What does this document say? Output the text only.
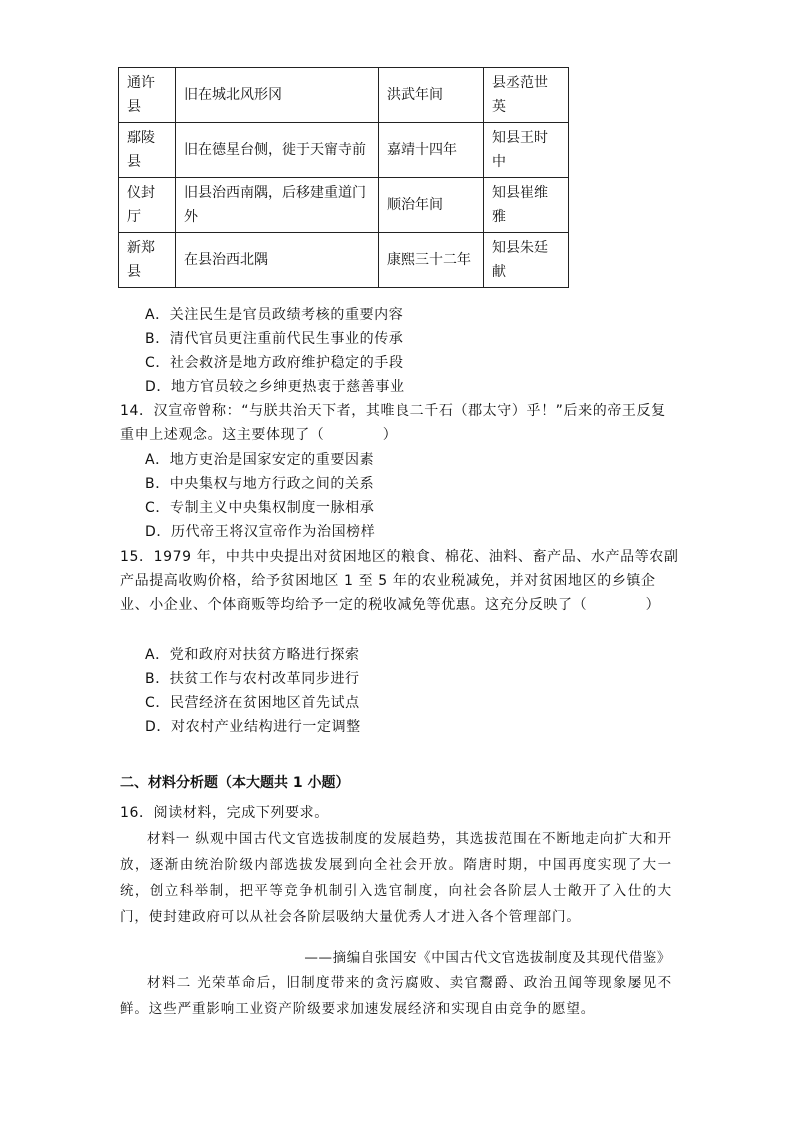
通许县	旧在城北风形冈	洪武年间	县丞范世英
鄢陵县	旧在德星台侧，徙于天甯寺前	嘉靖十四年	知县王时中
仪封厅	旧县治西南隅，后移建重道门外	顺治年间	知县崔维雅
新郑县	在县治西北隅	康熙三十二年	知县朱廷献
A．关注民生是官员政绩考核的重要内容
B．清代官员更注重前代民生事业的传承
C．社会救济是地方政府维护稳定的手段
D．地方官员较之乡绅更热衷于慈善事业
14．汉宣帝曾称：“与朕共治天下者，其唯良二千石（郡太守）乎！”后来的帝王反复重申上述观念。这主要体现了（　　　　）
A．地方吏治是国家安定的重要因素
B．中央集权与地方行政之间的关系
C．专制主义中央集权制度一脉相承
D．历代帝王将汉宣帝作为治国榜样
15．1979 年，中共中央提出对贫困地区的粮食、棉花、油料、畜产品、水产品等农副产品提高收购价格，给予贫困地区 1 至 5 年的农业税减免，并对贫困地区的乡镇企业、小企业、个体商贩等均给予一定的税收减免等优惠。这充分反映了（　　　　）
A．党和政府对扶贫方略进行探索
B．扶贫工作与农村改革同步进行
C．民营经济在贫困地区首先试点
D．对农村产业结构进行一定调整
二、材料分析题（本大题共 1 小题）
16．阅读材料，完成下列要求。
材料一 纵观中国古代文官选拔制度的发展趋势，其选拔范围在不断地走向扩大和开放，逐渐由统治阶级内部选拔发展到向全社会开放。隋唐时期，中国再度实现了大一统，创立科举制，把平等竞争机制引入选官制度，向社会各阶层人士敞开了入仕的大门，使封建政府可以从社会各阶层吸纳大量优秀人才进入各个管理部门。
——摘编自张国安《中国古代文官选拔制度及其现代借鉴》
材料二 光荣革命后，旧制度带来的贪污腐败、卖官鬻爵、政治丑闻等现象屡见不鲜。这些严重影响工业资产阶级要求加速发展经济和实现自由竞争的愿望。
